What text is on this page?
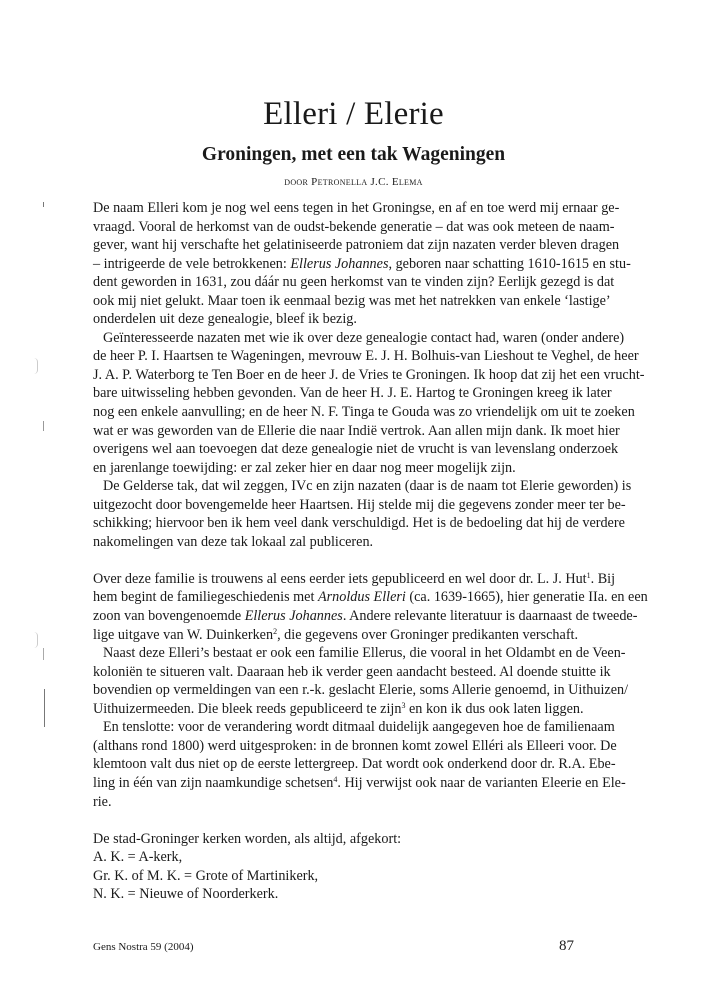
Elleri / Elerie
Groningen, met een tak Wageningen
door Petronella J.C. Elema

De naam Elleri kom je nog wel eens tegen in het Groningse, en af en toe werd mij ernaar ge-
vraagd. Vooral de herkomst van de oudst-bekende generatie – dat was ook meteen de naam-
gever, want hij verschafte het gelatiniseerde patroniem dat zijn nazaten verder bleven dragen
– intrigeerde de vele betrokkenen: Ellerus Johannes, geboren naar schatting 1610-1615 en stu-
dent geworden in 1631, zou dáár nu geen herkomst van te vinden zijn? Eerlijk gezegd is dat
ook mij niet gelukt. Maar toen ik eenmaal bezig was met het natrekken van enkele ‘lastige’
onderdelen uit deze genealogie, bleef ik bezig.

Geïnteresseerde nazaten met wie ik over deze genealogie contact had, waren (onder andere)
de heer P. I. Haartsen te Wageningen, mevrouw E. J. H. Bolhuis-van Lieshout te Veghel, de heer
J. A. P. Waterborg te Ten Boer en de heer J. de Vries te Groningen. Ik hoop dat zij het een vrucht-
bare uitwisseling hebben gevonden. Van de heer H. J. E. Hartog te Groningen kreeg ik later
nog een enkele aanvulling; en de heer N. F. Tinga te Gouda was zo vriendelijk om uit te zoeken
wat er was geworden van de Ellerie die naar Indië vertrok. Aan allen mijn dank. Ik moet hier
overigens wel aan toevoegen dat deze genealogie niet de vrucht is van levenslang onderzoek
en jarenlange toewijding: er zal zeker hier en daar nog meer mogelijk zijn.

De Gelderse tak, dat wil zeggen, IVc en zijn nazaten (daar is de naam tot Elerie geworden) is
uitgezocht door bovengemelde heer Haartsen. Hij stelde mij die gegevens zonder meer ter be-
schikking; hiervoor ben ik hem veel dank verschuldigd. Het is de bedoeling dat hij de verdere
nakomelingen van deze tak lokaal zal publiceren.

Over deze familie is trouwens al eens eerder iets gepubliceerd en wel door dr. L. J. Hut$^1$. Bij
hem begint de familiegeschiedenis met Arnoldus Elleri (ca. 1639-1665), hier generatie IIa. en een
zoon van bovengenoemde Ellerus Johannes. Andere relevante literatuur is daarnaast de tweede-
lige uitgave van W. Duinkerken$^2$, die gegevens over Groninger predikanten verschaft.

Naast deze Elleri’s bestaat er ook een familie Ellerus, die vooral in het Oldambt en de Veen-
koloniën te situeren valt. Daaraan heb ik verder geen aandacht besteed. Al doende stuitte ik
bovendien op vermeldingen van een r.-k. geslacht Elerie, soms Allerie genoemd, in Uithuizen/
Uithuizermeeden. Die bleek reeds gepubliceerd te zijn$^3$ en kon ik dus ook laten liggen.

En tenslotte: voor de verandering wordt ditmaal duidelijk aangegeven hoe de familienaam
(althans rond 1800) werd uitgesproken: in de bronnen komt zowel Elléri als Elleeri voor. De
klemtoon valt dus niet op de eerste lettergreep. Dat wordt ook onderkend door dr. R.A. Ebe-
ling in één van zijn naamkundige schetsen$^4$. Hij verwijst ook naar de varianten Eleerie en Ele-
rie.

De stad-Groninger kerken worden, als altijd, afgekort:
A. K. = A-kerk,
Gr. K. of M. K. = Grote of Martinikerk,
N. K. = Nieuwe of Noorderkerk.

Gens Nostra 59 (2004)	87
